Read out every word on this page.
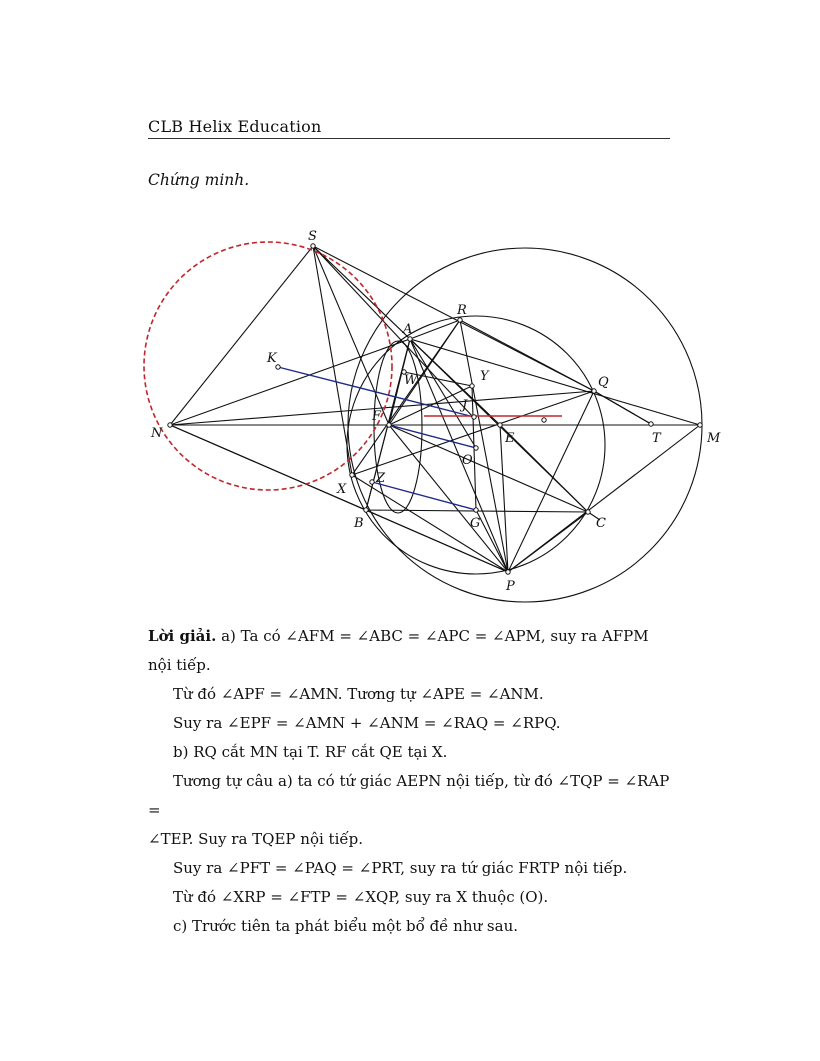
CLB Helix Education
Chứng minh.
S
R
A
K
W	Y	Q
J
F
N	E	T	M
O
X
Z
B	G	C
P

Lời giải. a) Ta có ∠AFM = ∠ABC = ∠APC = ∠APM, suy ra AFPM

nội tiếp.

Từ đó ∠APF = ∠AMN. Tương tự ∠APE = ∠ANM.

Suy ra ∠EPF = ∠AMN + ∠ANM = ∠RAQ = ∠RPQ.

b) RQ cắt MN tại T. RF cắt QE tại X.

Tương tự câu a) ta có tứ giác AEPN nội tiếp, từ đó ∠TQP = ∠RAP =

∠TEP. Suy ra TQEP nội tiếp.

Suy ra ∠PFT = ∠PAQ = ∠PRT, suy ra tứ giác FRTP nội tiếp.

Từ đó ∠XRP = ∠FTP = ∠XQP, suy ra X thuộc (O).

c) Trước tiên ta phát biểu một bổ đề như sau.
